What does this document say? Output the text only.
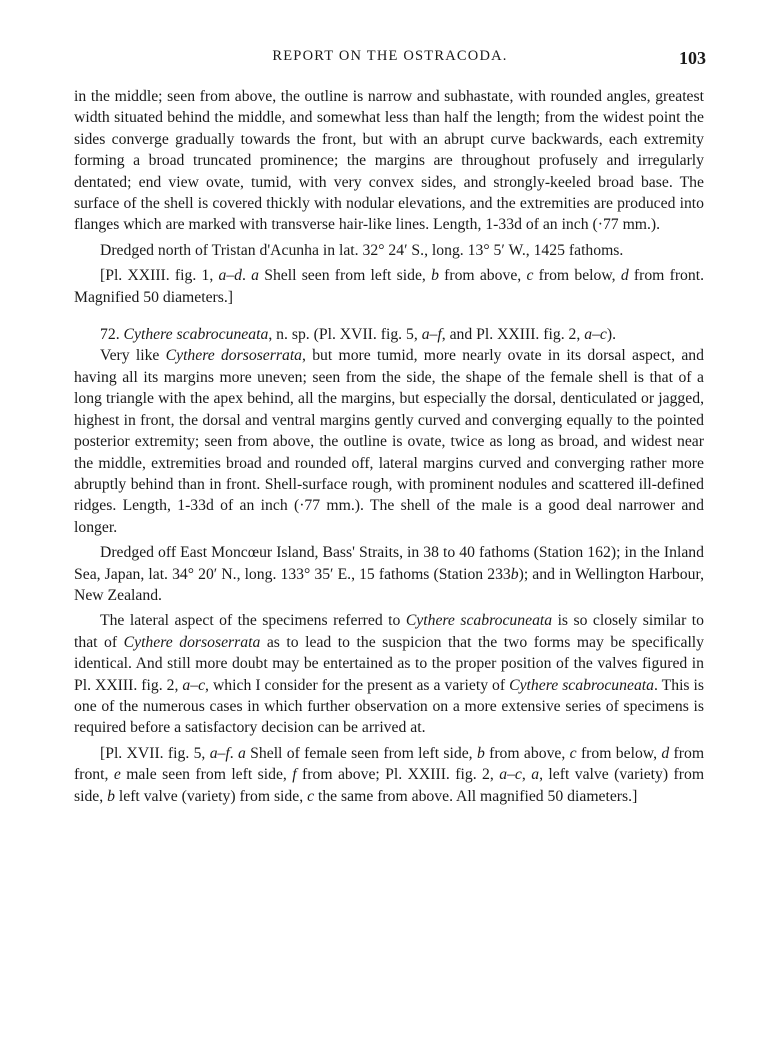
REPORT ON THE OSTRACODA.	103

in the middle; seen from above, the outline is narrow and subhastate, with rounded angles, greatest width situated behind the middle, and somewhat less than half the length; from the widest point the sides converge gradually towards the front, but with an abrupt curve backwards, each extremity forming a broad truncated prominence; the margins are throughout profusely and irregularly dentated; end view ovate, tumid, with very convex sides, and strongly-keeled broad base. The surface of the shell is covered thickly with nodular elevations, and the extremities are produced into flanges which are marked with transverse hair-like lines. Length, 1-33d of an inch (·77 mm.).

Dredged north of Tristan d'Acunha in lat. 32° 24′ S., long. 13° 5′ W., 1425 fathoms.

[Pl. XXIII. fig. 1, a–d. a Shell seen from left side, b from above, c from below, d from front. Magnified 50 diameters.]

72. Cythere scabrocuneata, n. sp. (Pl. XVII. fig. 5, a–f, and Pl. XXIII. fig. 2, a–c).

Very like Cythere dorsoserrata, but more tumid, more nearly ovate in its dorsal aspect, and having all its margins more uneven; seen from the side, the shape of the female shell is that of a long triangle with the apex behind, all the margins, but especially the dorsal, denticulated or jagged, highest in front, the dorsal and ventral margins gently curved and converging equally to the pointed posterior extremity; seen from above, the outline is ovate, twice as long as broad, and widest near the middle, extremities broad and rounded off, lateral margins curved and converging rather more abruptly behind than in front. Shell-surface rough, with prominent nodules and scattered ill-defined ridges. Length, 1-33d of an inch (·77 mm.). The shell of the male is a good deal narrower and longer.

Dredged off East Moncœur Island, Bass' Straits, in 38 to 40 fathoms (Station 162); in the Inland Sea, Japan, lat. 34° 20′ N., long. 133° 35′ E., 15 fathoms (Station 233b); and in Wellington Harbour, New Zealand.

The lateral aspect of the specimens referred to Cythere scabrocuneata is so closely similar to that of Cythere dorsoserrata as to lead to the suspicion that the two forms may be specifically identical. And still more doubt may be entertained as to the proper position of the valves figured in Pl. XXIII. fig. 2, a–c, which I consider for the present as a variety of Cythere scabrocuneata. This is one of the numerous cases in which further observation on a more extensive series of specimens is required before a satisfactory decision can be arrived at.

[Pl. XVII. fig. 5, a–f. a Shell of female seen from left side, b from above, c from below, d from front, e male seen from left side, f from above; Pl. XXIII. fig. 2, a–c, a, left valve (variety) from side, b left valve (variety) from side, c the same from above. All magnified 50 diameters.]
